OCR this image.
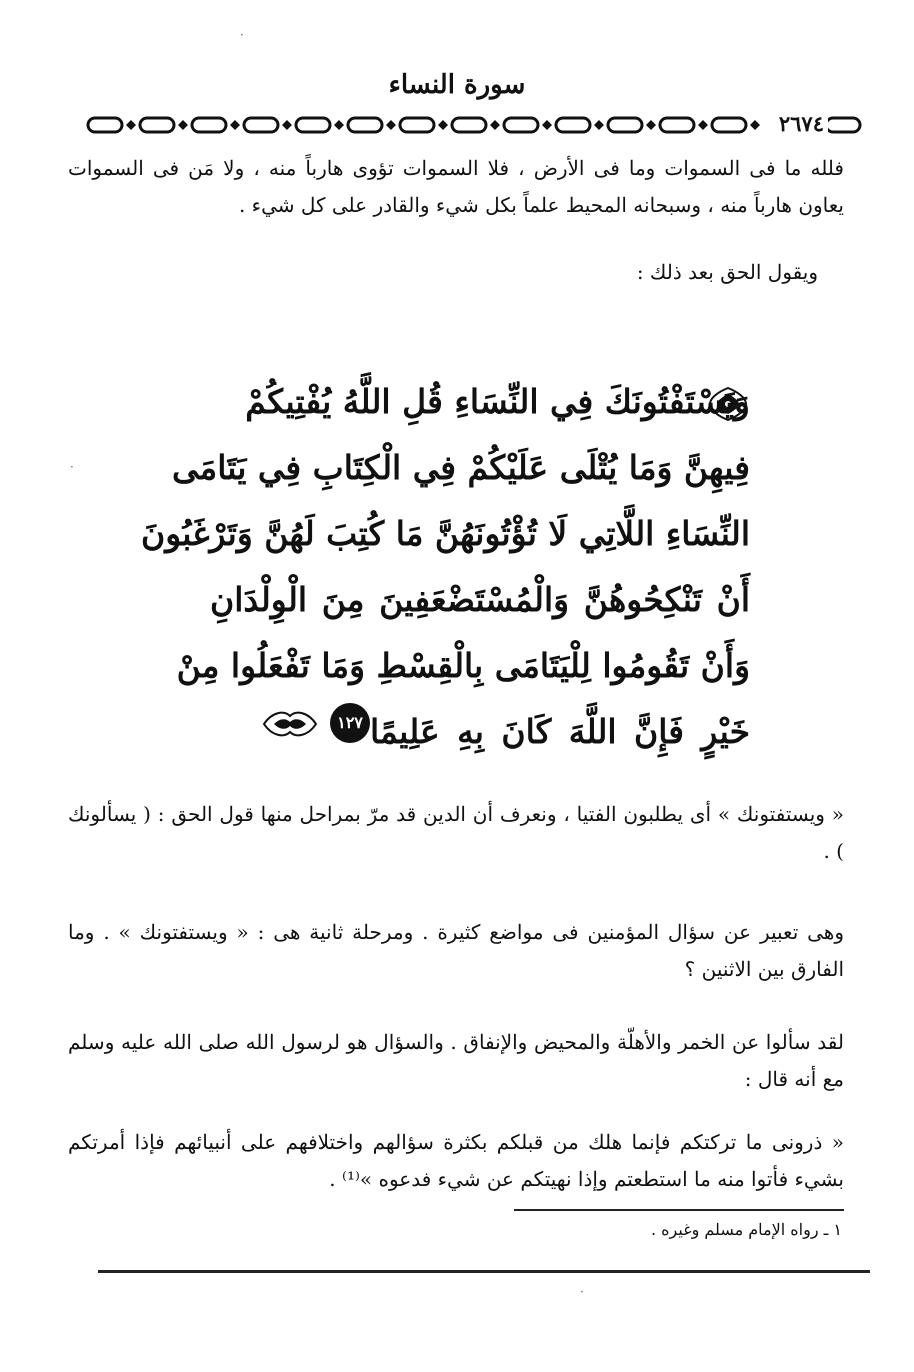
سورة النساء
٢٦٧٤
فلله ما فى السموات وما فى الأرض ، فلا السموات تؤوى هارباً منه ، ولا مَن فى السموات يعاون هارباً منه ، وسبحانه المحيط علماً بكل شيء والقادر على كل شيء .
ويقول الحق بعد ذلك :
وَيَسْتَفْتُونَكَ فِي النِّسَاءِ قُلِ اللَّهُ يُفْتِيكُمْ
فِيهِنَّ وَمَا يُتْلَى عَلَيْكُمْ فِي الْكِتَابِ فِي يَتَامَى
النِّسَاءِ اللَّاتِي لَا تُؤْتُونَهُنَّ مَا كُتِبَ لَهُنَّ وَتَرْغَبُونَ
أَنْ تَنْكِحُوهُنَّ وَالْمُسْتَضْعَفِينَ مِنَ الْوِلْدَانِ
وَأَنْ تَقُومُوا لِلْيَتَامَى بِالْقِسْطِ وَمَا تَفْعَلُوا مِنْ
خَيْرٍ فَإِنَّ اللَّهَ كَانَ بِهِ عَلِيمًا
١٢٧
« ويستفتونك » أى يطلبون الفتيا ، ونعرف أن الدين قد مرّ بمراحل منها قول الحق : ( يسألونك ) .
وهى تعبير عن سؤال المؤمنين فى مواضع كثيرة . ومرحلة ثانية هى : « ويستفتونك » . وما الفارق بين الاثنين ؟
لقد سألوا عن الخمر والأهلّة والمحيض والإنفاق . والسؤال هو لرسول الله صلى الله عليه وسلم مع أنه قال :
« ذرونى ما تركتكم فإنما هلك من قبلكم بكثرة سؤالهم واختلافهم على أنبيائهم فإذا أمرتكم بشيء فأتوا منه ما استطعتم وإذا نهيتكم عن شيء فدعوه »⁽¹⁾ .
١ ـ رواه الإمام مسلم وغيره .
·
·
·
